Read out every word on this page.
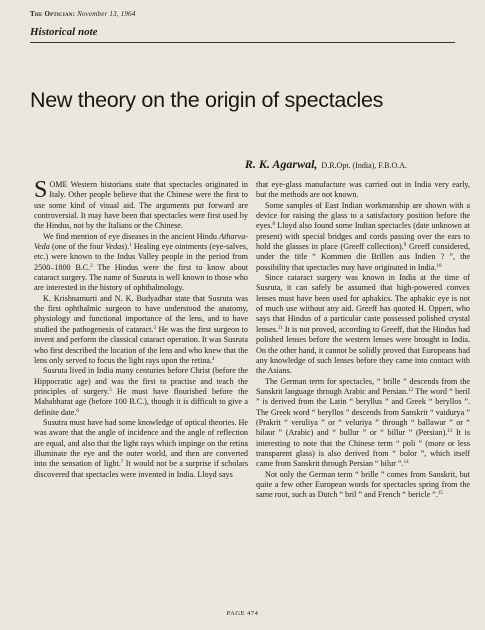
The Optician: November 13, 1964
Historical note
New theory on the origin of spectacles
R. K. Agarwal, D.R.Opt. (India), F.B.O.A.

SOME Western historians state that spectacles originated in Italy. Other people believe that the Chinese were the first to use some kind of visual aid. The arguments put forward are controversial. It may have been that spectacles were first used by the Hindus, not by the Italians or the Chinese.

We find mention of eye diseases in the ancient Hindu Atharva-Veda (one of the four Vedas).$^1$ Healing eye ointments (eye-salves, etc.) were known to the Indus Valley people in the period from 2500–1800 B.C.$^2$ The Hindus were the first to know about cataract surgery. The name of Susruta is well known to those who are interested in the history of ophthalmology.

K. Krishnamurti and N. K. Budyadhar state that Susruta was the first ophthalmic surgeon to have understood the anatomy, physiology and functional importance of the lens, and to have studied the pathogenesis of cataract.$^3$ He was the first surgeon to invent and perform the classical cataract operation. It was Susruta who first described the location of the lens and who knew that the lens only served to focus the light rays upon the retina.$^4$

Susruta lived in India many centuries before Christ (before the Hippocratic age) and was the first to practise and teach the principles of surgery.$^5$ He must have flourished before the Mahabharat age (before 100 B.C.), though it is difficult to give a definite date.$^6$

Susutra must have had some knowledge of optical theories. He was aware that the angle of incidence and the angle of reflection are equal, and also that the light rays which impinge on the retina illuminate the eye and the outer world, and then are converted into the sensation of light.$^7$ It would not be a surprise if scholars discovered that spectacles were invented in India. Lloyd says

that eye-glass manufacture was carried out in India very early, but the methods are not known.

Some samples of East Indian workmanship are shown with a device for raising the glass to a satisfactory position before the eyes.$^8$ Lloyd also found some Indian spectacles (date unknown at present) with special bridges and cords passing over the ears to hold the glasses in place (Greeff collection).$^9$ Greeff considered, under the title “ Kommen die Brillen aus Indien ? ”, the possibility that spectacles may have originated in India.$^{10}$

Since cataract surgery was known in India at the time of Susruta, it can safely be assumed that high-powered convex lenses must have been used for aphakics. The aphakic eye is not of much use without any aid. Greeff has quoted H. Oppert, who says that Hindus of a particular caste possessed polished crystal lenses.$^{11}$ It is not proved, according to Greeff, that the Hindus had polished lenses before the western lenses were brought to India. On the other hand, it cannot be solidly proved that Europeans had any knowledge of such lenses before they came into contact with the Asians.

The German term for spectacles, “ brille ” descends from the Sanskrit language through Arabic and Persian.$^{12}$ The word “ beril ” is derived from the Latin “ beryllus ” and Greek “ beryllos ”. The Greek word “ beryllos ” descends from Sanskrit “ vaidurya ” (Prakrit “ veruliya ” or “ veluriya ” through “ ballawar ” or “ bilaur ” (Arabic) and “ bullur ” or “ billur ” (Persian).$^{13}$ It is interesting to note that the Chinese term “ poli ” (more or less transparent glass) is also derived from “ bolor ”, which itself came from Sanskrit through Persian “ bilur ”.$^{14}$

Not only the German term “ brille ” comes from Sanskrit, but quite a few other European words for spectacles spring from the same root, such as Dutch “ bril ” and French “ bericle ”.$^{15}$

PAGE 474
